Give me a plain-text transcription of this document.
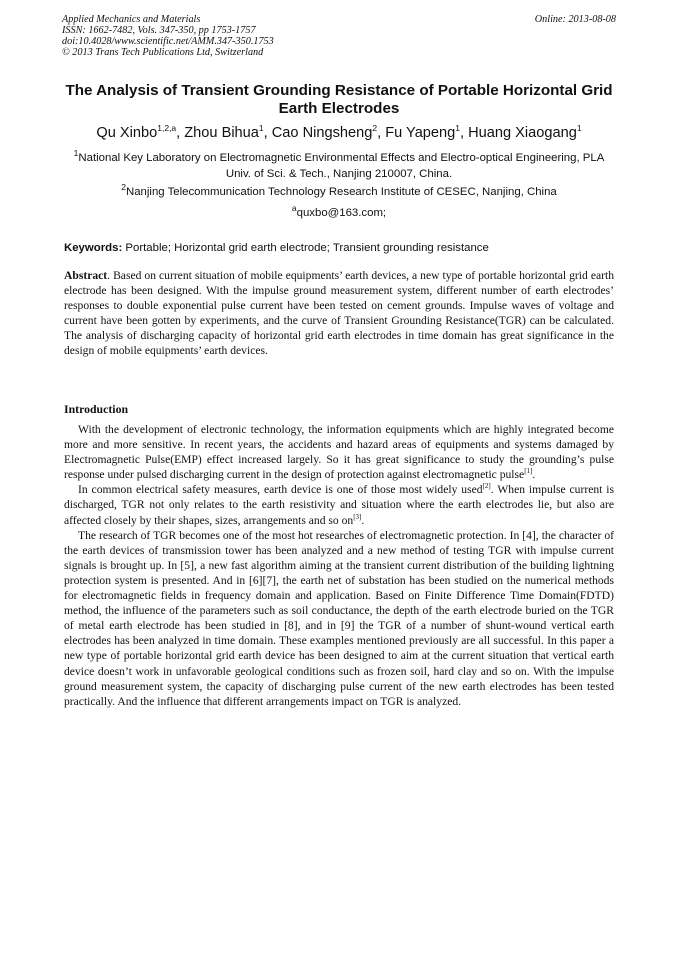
Applied Mechanics and Materials
ISSN: 1662-7482, Vols. 347-350, pp 1753-1757
doi:10.4028/www.scientific.net/AMM.347-350.1753
© 2013 Trans Tech Publications Ltd, Switzerland
Online: 2013-08-08
The Analysis of Transient Grounding Resistance of Portable Horizontal Grid Earth Electrodes
Qu Xinbo$^{1,2,a}$, Zhou Bihua$^1$, Cao Ningsheng$^2$, Fu Yapeng$^1$, Huang Xiaogang$^1$
$^1$National Key Laboratory on Electromagnetic Environmental Effects and Electro-optical Engineering, PLA Univ. of Sci. & Tech., Nanjing 210007, China.
$^2$Nanjing Telecommunication Technology Research Institute of CESEC, Nanjing, China
$^a$quxbo@163.com;
Keywords: Portable; Horizontal grid earth electrode; Transient grounding resistance

Abstract. Based on current situation of mobile equipments’ earth devices, a new type of portable horizontal grid earth electrode has been designed. With the impulse ground measurement system, different number of earth electrodes’ responses to double exponential pulse current have been tested on cement grounds. Impulse waves of voltage and current have been gotten by experiments, and the curve of Transient Grounding Resistance(TGR) can be calculated. The analysis of discharging capacity of horizontal grid earth electrodes in time domain has great significance in the design of mobile equipments’ earth devices.

Introduction

With the development of electronic technology, the information equipments which are highly integrated become more and more sensitive. In recent years, the accidents and hazard areas of equipments and systems damaged by Electromagnetic Pulse(EMP) effect increased largely. So it has great significance to study the grounding’s pulse response under pulsed discharging current in the design of protection against electromagnetic pulse[1].

In common electrical safety measures, earth device is one of those most widely used[2]. When impulse current is discharged, TGR not only relates to the earth resistivity and situation where the earth electrodes lie, but also are affected closely by their shapes, sizes, arrangements and so on[3].

The research of TGR becomes one of the most hot researches of electromagnetic protection. In [4], the character of the earth devices of transmission tower has been analyzed and a new method of testing TGR with impulse current signals is brought up. In [5], a new fast algorithm aiming at the transient current distribution of the building lightning protection system is presented. And in [6][7], the earth net of substation has been studied on the numerical methods for electromagnetic fields in frequency domain and application. Based on Finite Difference Time Domain(FDTD) method, the influence of the parameters such as soil conductance, the depth of the earth electrode buried on the TGR of metal earth electrode has been studied in [8], and in [9] the TGR of a number of shunt-wound vertical earth electrodes has been analyzed in time domain. These examples mentioned previously are all successful. In this paper a new type of portable horizontal grid earth device has been designed to aim at the current situation that vertical earth device doesn’t work in unfavorable geological conditions such as frozen soil, hard clay and so on. With the impulse ground measurement system, the capacity of discharging pulse current of the new earth electrodes has been tested practically. And the influence that different arrangements impact on TGR is analyzed.
